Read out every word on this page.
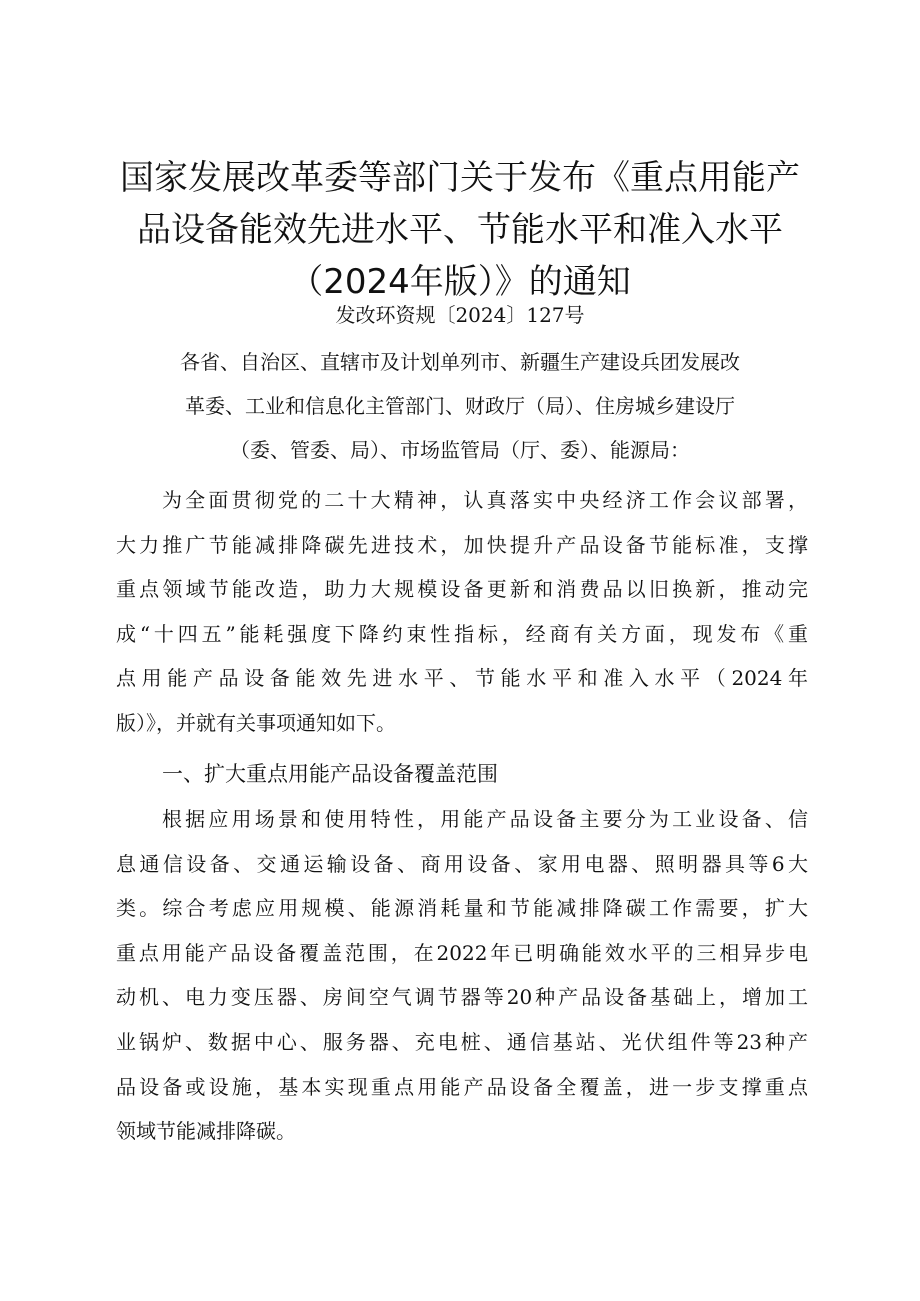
国家发展改革委等部门关于发布《重点用能产
品设备能效先进水平、节能水平和准入水平
（2024年版）》的通知
发改环资规〔2024〕127号
各省、自治区、直辖市及计划单列市、新疆生产建设兵团发展改
革委、工业和信息化主管部门、财政厅（局）、住房城乡建设厅
（委、管委、局）、市场监管局（厅、委）、能源局：
为全面贯彻党的二十大精神，认真落实中央经济工作会议部署，
大力推广节能减排降碳先进技术，加快提升产品设备节能标准，支撑
重点领域节能改造，助力大规模设备更新和消费品以旧换新，推动完
成“十四五”能耗强度下降约束性指标，经商有关方面，现发布《重
点用能产品设备能效先进水平、节能水平和准入水平（2024年
版）》，并就有关事项通知如下。
一、扩大重点用能产品设备覆盖范围
根据应用场景和使用特性，用能产品设备主要分为工业设备、信
息通信设备、交通运输设备、商用设备、家用电器、照明器具等6大
类。综合考虑应用规模、能源消耗量和节能减排降碳工作需要，扩大
重点用能产品设备覆盖范围，在2022年已明确能效水平的三相异步电
动机、电力变压器、房间空气调节器等20种产品设备基础上，增加工
业锅炉、数据中心、服务器、充电桩、通信基站、光伏组件等23种产
品设备或设施，基本实现重点用能产品设备全覆盖，进一步支撑重点
领域节能减排降碳。
